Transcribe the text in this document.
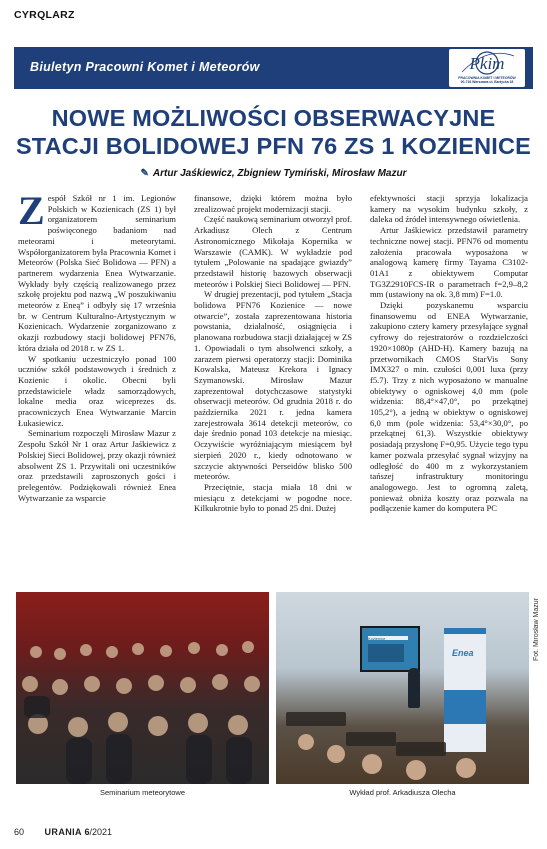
CYRQLARZ
Biuletyn Pracowni Komet i Meteorów	Pkim
PRACOWNIA KOMET I METEORÓW
00-716 Warszawa ul. Bartycka 18
NOWE MOŻLIWOŚCI OBSERWACYJNE
STACJI BOLIDOWEJ PFN 76 ZS 1 KOZIENICE
✎ Artur Jaśkiewicz, Zbigniew Tymiński, Mirosław Mazur

Zespół Szkół nr 1 im. Legionów Polskich w Kozienicach (ZS 1) był organizatorem seminarium poświęconego badaniom nad meteorami i meteorytami. Współorganizatorem była Pracownia Komet i Meteorów (Polska Sieć Bolidowa — PFN) a partnerem wydarzenia Enea Wytwarzanie. Wykłady były częścią realizowanego przez szkołę projektu pod nazwą „W poszukiwaniu meteorów z Eneą” i odbyły się 17 września br. w Centrum Kulturalno-Artystycznym w Kozienicach. Wydarzenie zorganizowano z okazji rozbudowy stacji bolidowej PFN76, która działa od 2018 r. w ZS 1.

W spotkaniu uczestniczyło ponad 100 uczniów szkół podstawowych i średnich z Kozienic i okolic. Obecni byli przedstawiciele władz samorządowych, lokalne media oraz wiceprezes ds. pracowniczych Enea Wytwarzanie Marcin Łukasiewicz.

Seminarium rozpoczęli Mirosław Mazur z Zespołu Szkół Nr 1 oraz Artur Jaśkiewicz z Polskiej Sieci Bolidowej, przy okazji również absolwent ZS 1. Przywitali oni uczestników oraz przedstawili zaproszonych gości i prelegentów. Podziękowali również Enea Wytwarzanie za wsparcie

finansowe, dzięki którem można było zrealizować projekt modernizacji stacji.

Część naukową seminarium otworzył prof. Arkadiusz Olech z Centrum Astronomicznego Mikołaja Kopernika w Warszawie (CAMK). W wykładzie pod tytułem „Polowanie na spadające gwiazdy” przedstawił historię bazowych obserwacji meteorów i Polskiej Sieci Bolidowej — PFN.

W drugiej prezentacji, pod tytułem „Stacja bolidowa PFN76 Kozienice — nowe otwarcie”, została zaprezentowana historia powstania, działalność, osiągnięcia i planowana rozbudowa stacji działającej w ZS 1. Opowiadali o tym absolwenci szkoły, a zarazem pierwsi operatorzy stacji: Dominika Kowalska, Mateusz Krekora i Ignacy Szymanowski. Mirosław Mazur zaprezentował dotychczasowe statystyki obserwacji meteorów. Od grudnia 2018 r. do października 2021 r. jedna kamera zarejestrowała 3614 detekcji meteorów, co daje średnio ponad 103 detekcje na miesiąc. Oczywiście wyróżniającym miesiącem był sierpień 2020 r., kiedy odnotowano w szczycie aktywności Perseidów blisko 500 meteorów.

Przeciętnie, stacja miała 18 dni w miesiącu z detekcjami w pogodne noce. Kilkukrotnie było to ponad 25 dni. Dużej

efektywności stacji sprzyja lokalizacja kamery na wysokim budynku szkoły, z daleka od źródeł intensywnego oświetlenia.

Artur Jaśkiewicz przedstawił parametry techniczne nowej stacji. PFN76 od momentu założenia pracowała wyposażona w analogową kamerę firmy Tayama C3102-01A1 z obiektywem Computar TG3Z2910FCS-IR o parametrach f=2,9–8,2 mm (ustawiony na ok. 3,8 mm) F=1.0.

Dzięki pozyskanemu wsparciu finansowemu od ENEA Wytwarzanie, zakupiono cztery kamery przesyłające sygnał cyfrowy do rejestratorów o rozdzielczości 1920×1080p (AHD-H). Kamery bazują na przetwornikach CMOS StarVis Sony IMX327 o min. czułości 0,001 luxa (przy f5.7). Trzy z nich wyposażono w manualne obiektywy o ogniskowej 4,0 mm (pole widzenia: 88,4°×47,0°, po przekątnej 105,2°), a jedną w obiektyw o ogniskowej 6,0 mm (pole widzenia: 53,4°×30,0°, po przekątnej 61,3). Wszystkie obiektywy posiadają przysłonę F=0,95. Użycie tego typu kamer pozwala przesyłać sygnał wizyjny na odległość do 400 m z wykorzystaniem tańszej infrastruktury monitoringu analogowego. Jest to ogromną zaletą, ponieważ obniża koszty oraz pozwala na podłączenie kamer do komputera PC

Kozienice
Enea	Fot. Mirosław Mazur
Seminarium meteorytowe	Wykład prof. Arkadiusza Olecha
60 URANIA 6/2021
